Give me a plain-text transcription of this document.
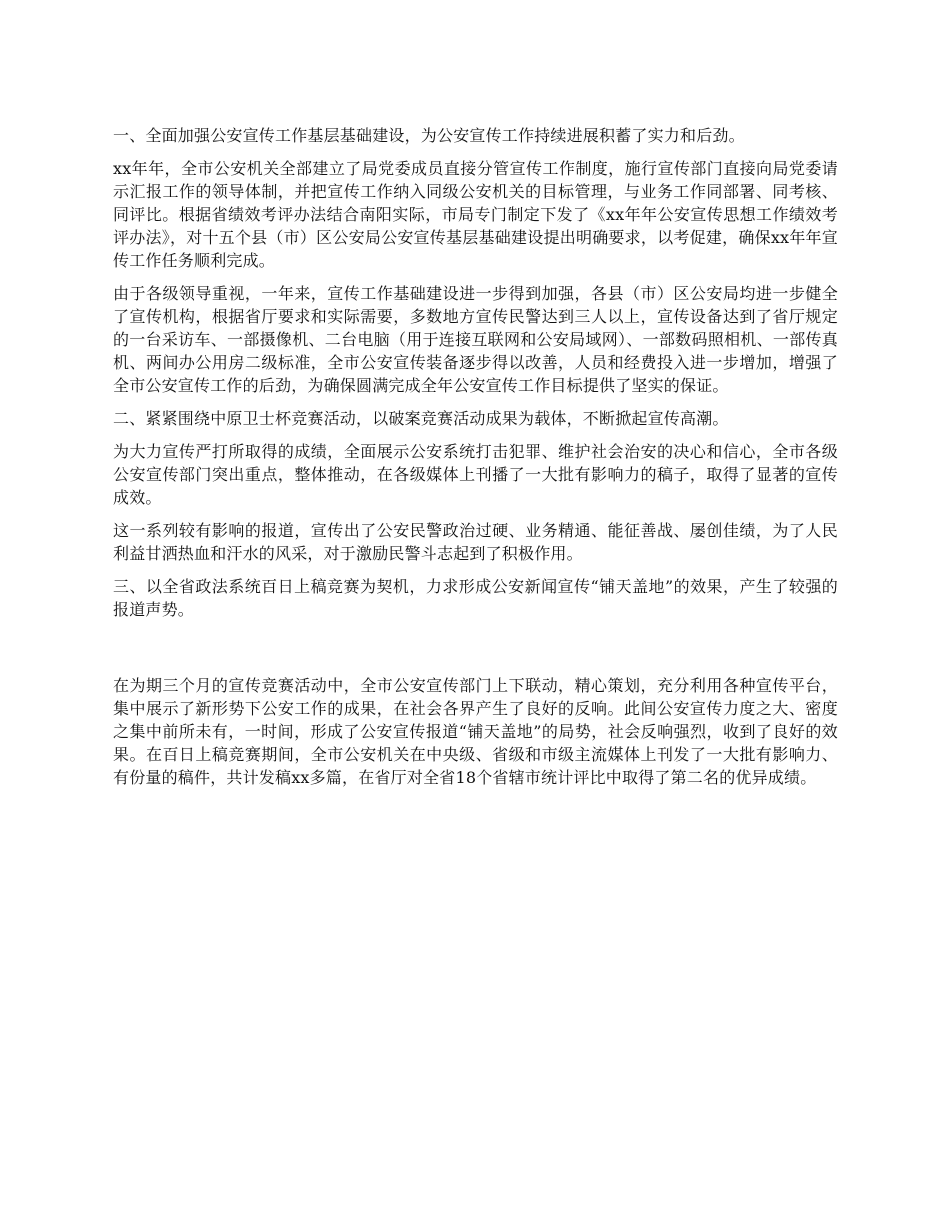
一、全面加强公安宣传工作基层基础建设，为公安宣传工作持续进展积蓄了实力和后劲。

xx年年，全市公安机关全部建立了局党委成员直接分管宣传工作制度，施行宣传部门直接向局党委请示汇报工作的领导体制，并把宣传工作纳入同级公安机关的目标管理，与业务工作同部署、同考核、同评比。根据省绩效考评办法结合南阳实际，市局专门制定下发了《xx年年公安宣传思想工作绩效考评办法》，对十五个县（市）区公安局公安宣传基层基础建设提出明确要求，以考促建，确保xx年年宣传工作任务顺利完成。

由于各级领导重视，一年来，宣传工作基础建设进一步得到加强，各县（市）区公安局均进一步健全了宣传机构，根据省厅要求和实际需要，多数地方宣传民警达到三人以上，宣传设备达到了省厅规定的一台采访车、一部摄像机、二台电脑（用于连接互联网和公安局域网）、一部数码照相机、一部传真机、两间办公用房二级标准，全市公安宣传装备逐步得以改善，人员和经费投入进一步增加，增强了全市公安宣传工作的后劲，为确保圆满完成全年公安宣传工作目标提供了坚实的保证。

二、紧紧围绕中原卫士杯竞赛活动，以破案竞赛活动成果为载体，不断掀起宣传高潮。

为大力宣传严打所取得的成绩，全面展示公安系统打击犯罪、维护社会治安的决心和信心，全市各级公安宣传部门突出重点，整体推动，在各级媒体上刊播了一大批有影响力的稿子，取得了显著的宣传成效。

这一系列较有影响的报道，宣传出了公安民警政治过硬、业务精通、能征善战、屡创佳绩，为了人民利益甘洒热血和汗水的风采，对于激励民警斗志起到了积极作用。

三、以全省政法系统百日上稿竞赛为契机，力求形成公安新闻宣传“铺天盖地”的效果，产生了较强的报道声势。

在为期三个月的宣传竞赛活动中，全市公安宣传部门上下联动，精心策划，充分利用各种宣传平台，集中展示了新形势下公安工作的成果，在社会各界产生了良好的反响。此间公安宣传力度之大、密度之集中前所未有，一时间，形成了公安宣传报道“铺天盖地”的局势，社会反响强烈，收到了良好的效果。在百日上稿竞赛期间，全市公安机关在中央级、省级和市级主流媒体上刊发了一大批有影响力、有份量的稿件，共计发稿xx多篇，在省厅对全省18个省辖市统计评比中取得了第二名的优异成绩。
